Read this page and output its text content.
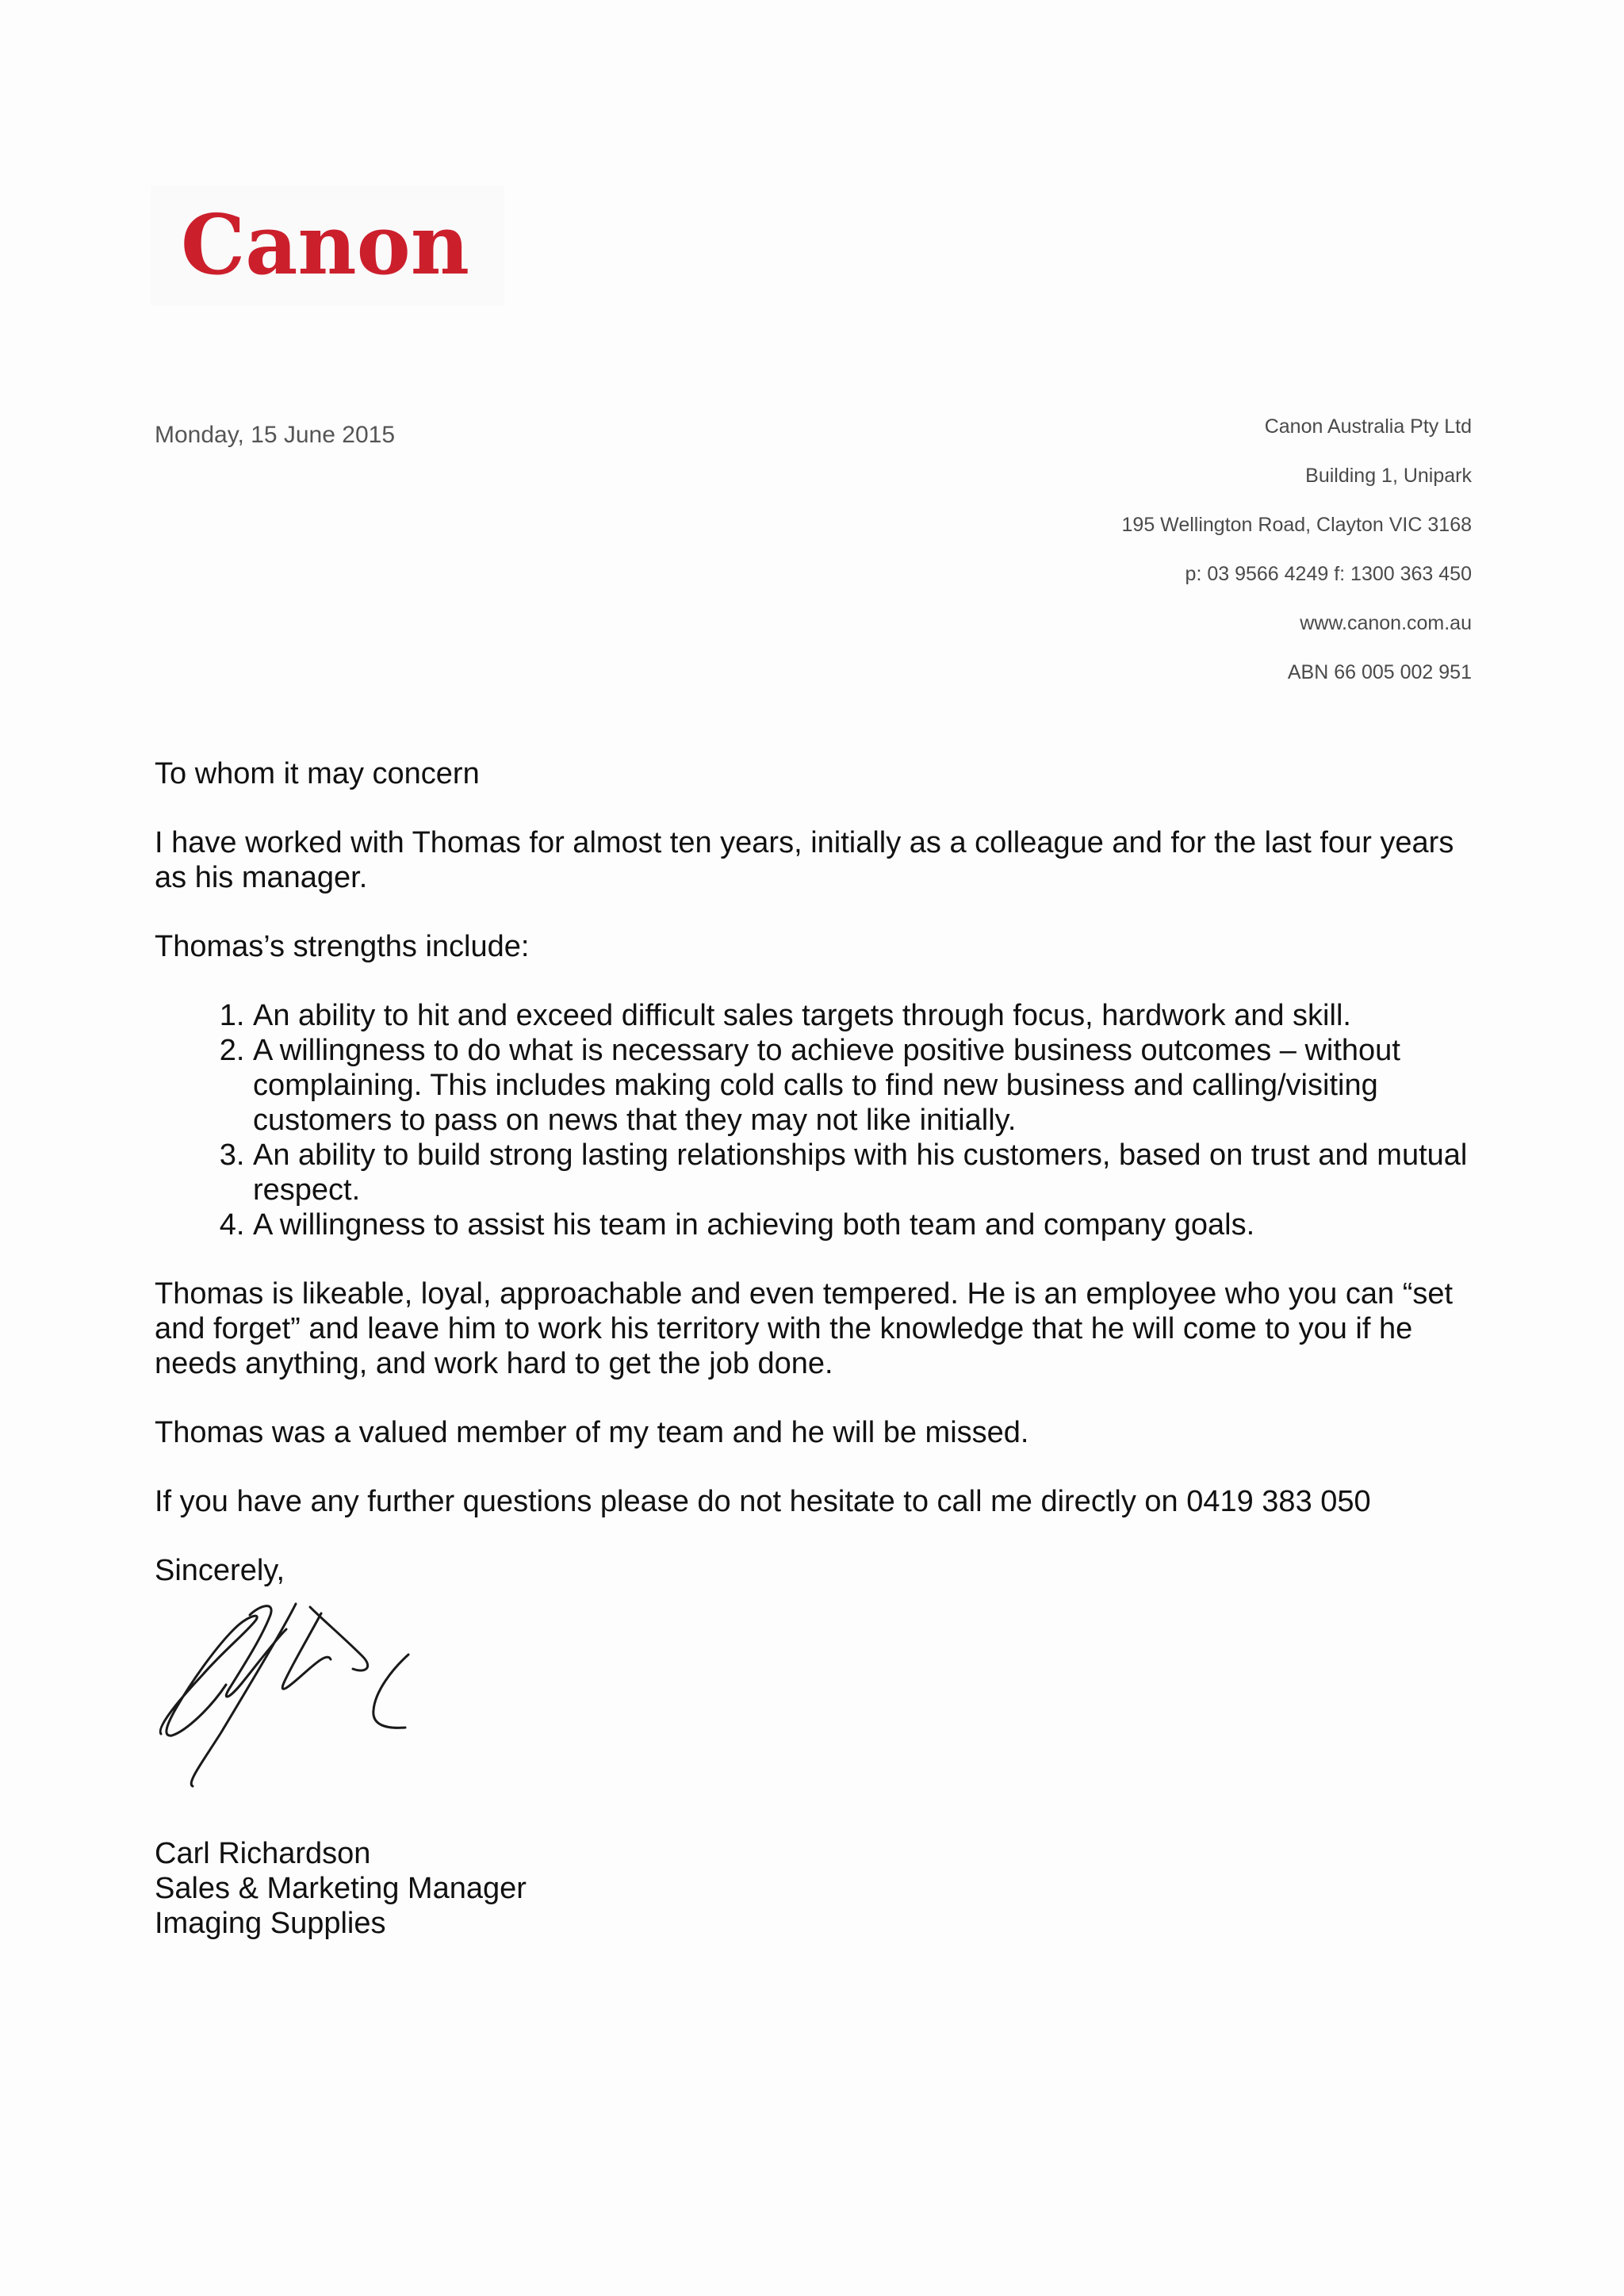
Canon
Monday, 15 June 2015	Canon Australia Pty Ltd
Building 1, Unipark
195 Wellington Road, Clayton VIC 3168
p: 03 9566 4249 f: 1300 363 450
www.canon.com.au
ABN 66 005 002 951

To whom it may concern

I have worked with Thomas for almost ten years, initially as a colleague and for the last four years as his manager.

Thomas’s strengths include:

1. An ability to hit and exceed difficult sales targets through focus, hardwork and skill.
2. A willingness to do what is necessary to achieve positive business outcomes – without complaining. This includes making cold calls to find new business and calling/visiting customers to pass on news that they may not like initially.
3. An ability to build strong lasting relationships with his customers, based on trust and mutual respect.
4. A willingness to assist his team in achieving both team and company goals.

Thomas is likeable, loyal, approachable and even tempered. He is an employee who you can “set and forget” and leave him to work his territory with the knowledge that he will come to you if he needs anything, and work hard to get the job done.

Thomas was a valued member of my team and he will be missed.

If you have any further questions please do not hesitate to call me directly on 0419 383 050

Sincerely,

Carl Richardson
Sales & Marketing Manager
Imaging Supplies
